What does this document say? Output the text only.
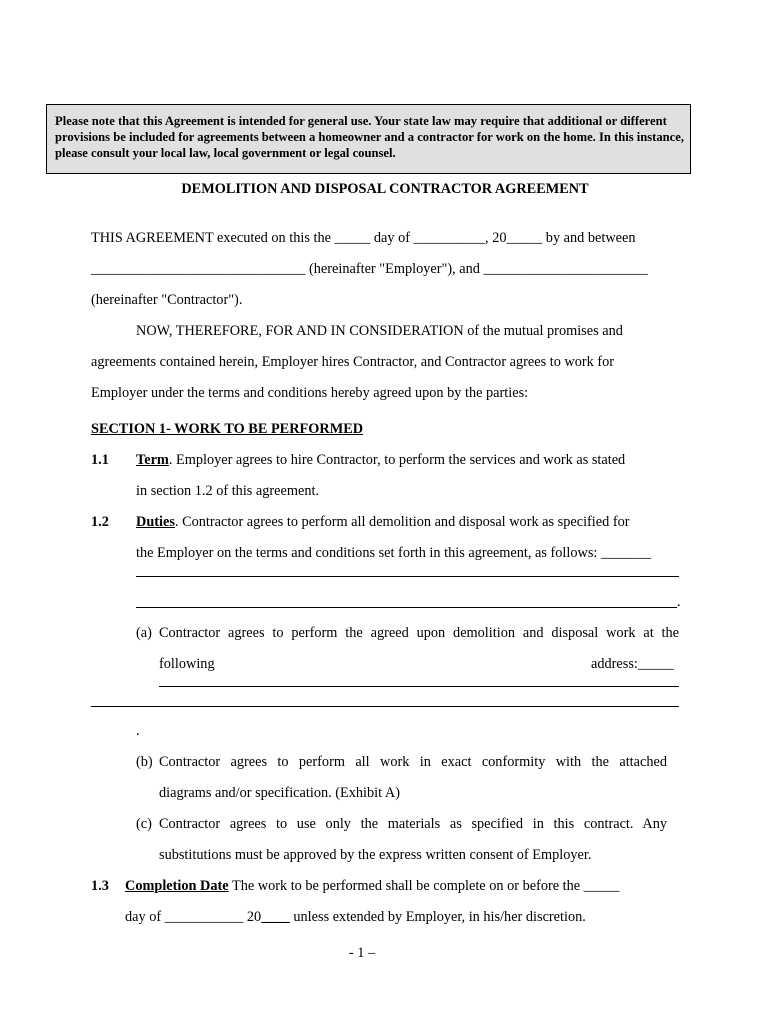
Please note that this Agreement is intended for general use. Your state law may require that additional or different provisions be included for agreements between a homeowner and a contractor for work on the home. In this instance, please consult your local law, local government or legal counsel.
DEMOLITION AND DISPOSAL CONTRACTOR AGREEMENT
THIS AGREEMENT executed on this the _____ day of __________, 20_____ by and between
______________________________ (hereinafter "Employer"), and _______________________
(hereinafter "Contractor").
NOW, THEREFORE, FOR AND IN CONSIDERATION of the mutual promises and
agreements contained herein, Employer hires Contractor, and Contractor agrees to work for
Employer under the terms and conditions hereby agreed upon by the parties:
SECTION 1- WORK TO BE PERFORMED
1.1 Term. Employer agrees to hire Contractor, to perform the services and work as stated
in section 1.2 of this agreement.
1.2 Duties. Contractor agrees to perform all demolition and disposal work as specified for
the Employer on the terms and conditions set forth in this agreement, as follows: _______
.
(a) Contractor agrees to perform the agreed upon demolition and disposal work at the
following	address:_____
.
(b) Contractor agrees to perform all work in exact conformity with the attached
diagrams and/or specification. (Exhibit A)
(c) Contractor agrees to use only the materials as specified in this contract. Any
substitutions must be approved by the express written consent of Employer.
1.3 Completion Date The work to be performed shall be complete on or before the _____
day of ___________ 20____ unless extended by Employer, in his/her discretion.
- 1 –
